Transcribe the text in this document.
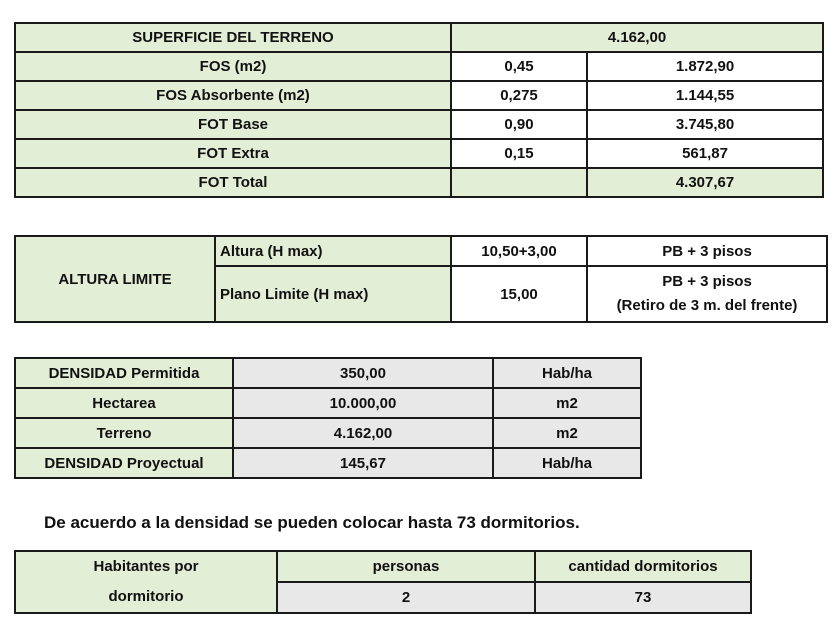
SUPERFICIE DEL TERRENO	4.162,00	
FOS (m2)	0,45	1.872,90
FOS Absorbente (m2)	0,275	1.144,55
FOT Base	0,90	3.745,80
FOT Extra	0,15	561,87
FOT Total		4.307,67
ALTURA LIMITE	Altura (H max)	10,50+3,00	PB + 3 pisos
	Plano Limite (H max)	15,00	PB + 3 pisos
(Retiro de 3 m. del frente)
DENSIDAD Permitida	350,00	Hab/ha
Hectarea	10.000,00	m2
Terreno	4.162,00	m2
DENSIDAD Proyectual	145,67	Hab/ha
De acuerdo a la densidad se pueden colocar hasta 73 dormitorios.
Habitantes por
dormitorio	personas	cantidad dormitorios
	2	73
